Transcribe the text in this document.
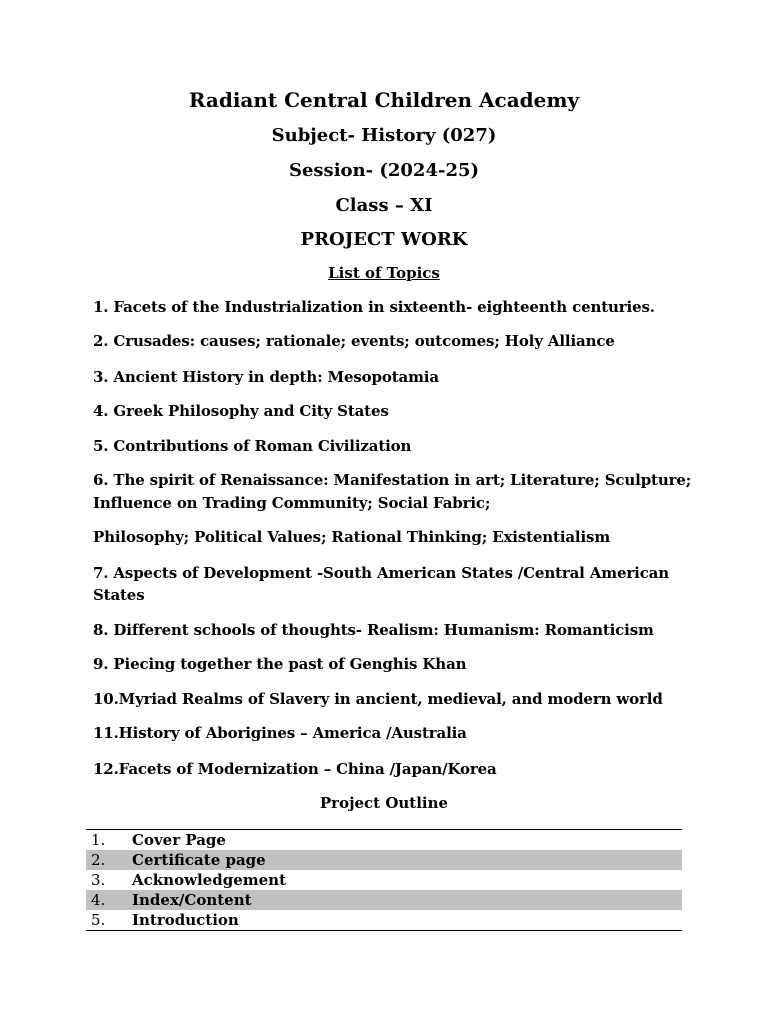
Radiant Central Children Academy
Subject- History (027)
Session- (2024-25)
Class – XI
PROJECT WORK
List of Topics
1. Facets of the Industrialization in sixteenth- eighteenth centuries.
2. Crusades: causes; rationale; events; outcomes; Holy Alliance
3. Ancient History in depth: Mesopotamia
4. Greek Philosophy and City States
5. Contributions of Roman Civilization
6. The spirit of Renaissance: Manifestation in art; Literature; Sculpture;
Influence on Trading Community; Social Fabric;
Philosophy; Political Values; Rational Thinking; Existentialism
7. Aspects of Development -South American States /Central American
States
8. Different schools of thoughts- Realism: Humanism: Romanticism
9. Piecing together the past of Genghis Khan
10.Myriad Realms of Slavery in ancient, medieval, and modern world
11.History of Aborigines – America /Australia
12.Facets of Modernization – China /Japan/Korea
Project Outline
1.	Cover Page
2.	Certificate page
3.	Acknowledgement
4.	Index/Content
5.	Introduction
